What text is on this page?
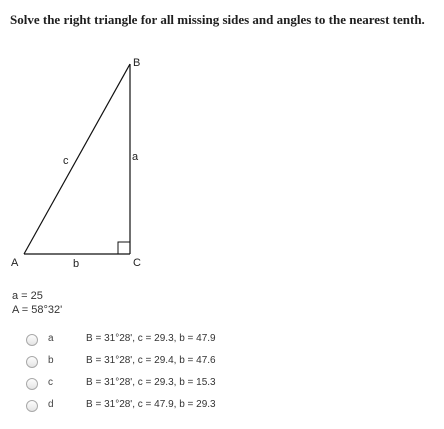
Solve the right triangle for all missing sides and angles to the nearest tenth.
B
A	C
a
b
c
a = 25
A = 58°32'
a	B = 31°28', c = 29.3, b = 47.9
b	B = 31°28', c = 29.4, b = 47.6
c	B = 31°28', c = 29.3, b = 15.3
d	B = 31°28', c = 47.9, b = 29.3
